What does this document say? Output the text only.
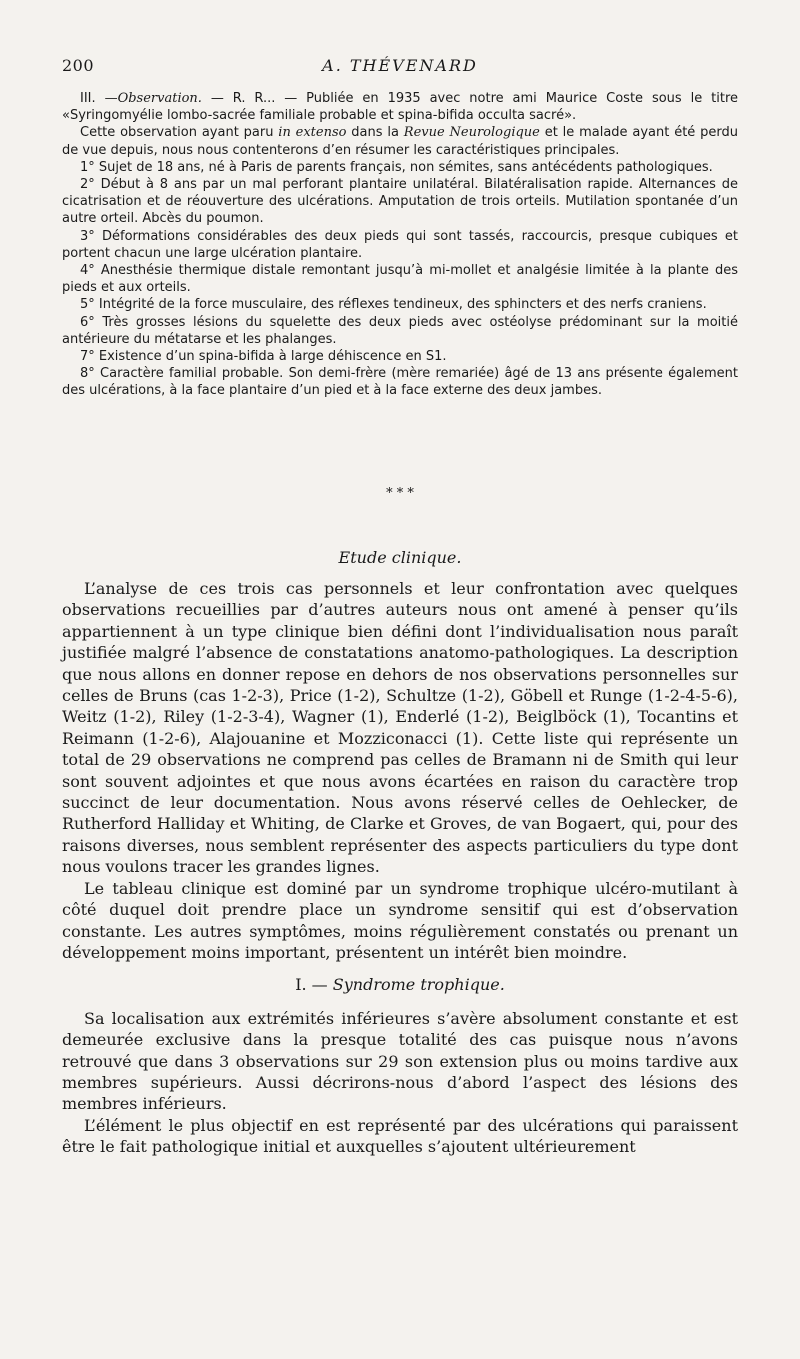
200	A. THÉVENARD

III. —Observation. — R. R... — Publiée en 1935 avec notre ami Maurice Coste sous le titre «Syringomyélie lombo-sacrée familiale probable et spina-bifida occulta sacré».

Cette observation ayant paru in extenso dans la Revue Neurologique et le malade ayant été perdu de vue depuis, nous nous contenterons d’en résumer les caractéristiques principales.

1° Sujet de 18 ans, né à Paris de parents français, non sémites, sans antécédents pathologiques.

2° Début à 8 ans par un mal perforant plantaire unilatéral. Bilatéralisation rapide. Alternances de cicatrisation et de réouverture des ulcérations. Amputation de trois orteils. Mutilation spontanée d’un autre orteil. Abcès du poumon.

3° Déformations considérables des deux pieds qui sont tassés, raccourcis, presque cubiques et portent chacun une large ulcération plantaire.

4° Anesthésie thermique distale remontant jusqu’à mi-mollet et analgésie limitée à la plante des pieds et aux orteils.

5° Intégrité de la force musculaire, des réflexes tendineux, des sphincters et des nerfs craniens.

6° Très grosses lésions du squelette des deux pieds avec ostéolyse prédominant sur la moitié antérieure du métatarse et les phalanges.

7° Existence d’un spina-bifida à large déhiscence en S1.

8° Caractère familial probable. Son demi-frère (mère remariée) âgé de 13 ans présente également des ulcérations, à la face plantaire d’un pied et à la face externe des deux jambes.

* * *
Etude clinique.

L’analyse de ces trois cas personnels et leur confrontation avec quelques observations recueillies par d’autres auteurs nous ont amené à penser qu’ils appartiennent à un type clinique bien défini dont l’individualisation nous paraît justifiée malgré l’absence de constatations anatomo-pathologiques. La description que nous allons en donner repose en dehors de nos observations personnelles sur celles de Bruns (cas 1-2-3), Price (1-2), Schultze (1-2), Göbell et Runge (1-2-4-5-6), Weitz (1-2), Riley (1-2-3-4), Wagner (1), Enderlé (1-2), Beiglböck (1), Tocantins et Reimann (1-2-6), Alajouanine et Mozziconacci (1). Cette liste qui représente un total de 29 observations ne comprend pas celles de Bramann ni de Smith qui leur sont souvent adjointes et que nous avons écartées en raison du caractère trop succinct de leur documentation. Nous avons réservé celles de Oehlecker, de Rutherford Halliday et Whiting, de Clarke et Groves, de van Bogaert, qui, pour des raisons diverses, nous semblent représenter des aspects particuliers du type dont nous voulons tracer les grandes lignes.

Le tableau clinique est dominé par un syndrome trophique ulcéro-mutilant à côté duquel doit prendre place un syndrome sensitif qui est d’observation constante. Les autres symptômes, moins régulièrement constatés ou prenant un développement moins important, présentent un intérêt bien moindre.

I. — Syndrome trophique.

Sa localisation aux extrémités inférieures s’avère absolument constante et est demeurée exclusive dans la presque totalité des cas puisque nous n’avons retrouvé que dans 3 observations sur 29 son extension plus ou moins tardive aux membres supérieurs. Aussi décrirons-nous d’abord l’aspect des lésions des membres inférieurs.

L’élément le plus objectif en est représenté par des ulcérations qui paraissent être le fait pathologique initial et auxquelles s’ajoutent ultérieurement
